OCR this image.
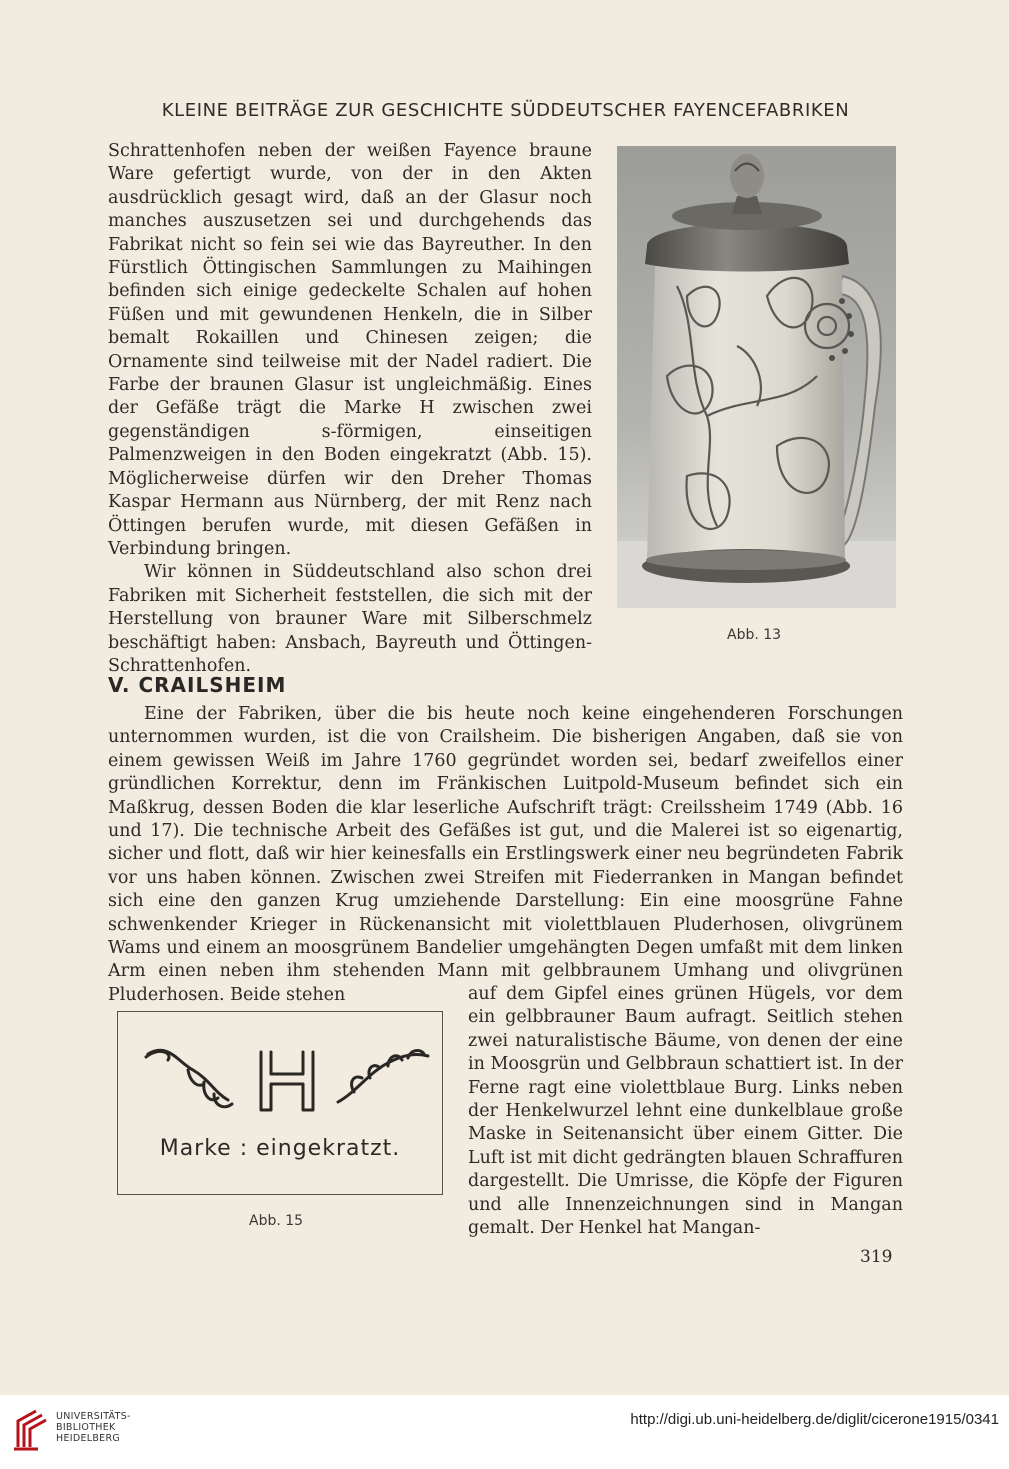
KLEINE BEITRÄGE ZUR GESCHICHTE SÜDDEUTSCHER FAYENCEFABRIKEN

Schrattenhofen neben der weißen Fayence braune Ware gefertigt wurde, von der in den Akten ausdrücklich gesagt wird, daß an der Glasur noch manches auszusetzen sei und durchgehends das Fabrikat nicht so fein sei wie das Bayreuther. In den Fürstlich Öttingischen Sammlungen zu Maihingen befinden sich einige gedeckelte Schalen auf hohen Füßen und mit gewundenen Henkeln, die in Silber bemalt Rokaillen und Chinesen zeigen; die Ornamente sind teilweise mit der Nadel radiert. Die Farbe der braunen Glasur ist ungleichmäßig. Eines der Gefäße trägt die Marke H zwischen zwei gegenständigen s-förmigen, einseitigen Palmenzweigen in den Boden eingekratzt (Abb. 15). Möglicherweise dürfen wir den Dreher Thomas Kaspar Hermann aus Nürnberg, der mit Renz nach Öttingen berufen wurde, mit diesen Gefäßen in Verbindung bringen.

Wir können in Süddeutschland also schon drei Fabriken mit Sicherheit feststellen, die sich mit der Herstellung von brauner Ware mit Silberschmelz beschäftigt haben: Ansbach, Bayreuth und Öttingen-Schrattenhofen.

Abb. 13
V. CRAILSHEIM

Eine der Fabriken, über die bis heute noch keine eingehenderen Forschungen unternommen wurden, ist die von Crailsheim. Die bisherigen Angaben, daß sie von einem gewissen Weiß im Jahre 1760 gegründet worden sei, bedarf zweifellos einer gründlichen Korrektur, denn im Fränkischen Luitpold-Museum befindet sich ein Maßkrug, dessen Boden die klar leserliche Aufschrift trägt: Creilssheim 1749 (Abb. 16 und 17). Die technische Arbeit des Gefäßes ist gut, und die Malerei ist so eigenartig, sicher und flott, daß wir hier keinesfalls ein Erstlingswerk einer neu begründeten Fabrik vor uns haben können. Zwischen zwei Streifen mit Fiederranken in Mangan befindet sich eine den ganzen Krug umziehende Darstellung: Ein eine moosgrüne Fahne schwenkender Krieger in Rückenansicht mit violettblauen Pluderhosen, olivgrünem Wams und einem an moosgrünem Bandelier umgehängten Degen umfaßt mit dem linken Arm einen neben ihm stehenden Mann mit gelbbraunem Umhang und olivgrünen Pluderhosen. Beide stehen	auf dem Gipfel eines grünen Hügels, vor dem ein gelbbrauner Baum aufragt. Seitlich stehen zwei naturalistische Bäume, von denen der eine in Moosgrün und Gelbbraun schattiert ist. In der Ferne ragt eine violettblaue Burg. Links neben der Henkelwurzel lehnt eine dunkelblaue große Maske in Seitenansicht über einem Gitter. Die Luft ist mit dicht gedrängten blauen Schraffuren dargestellt. Die Umrisse, die Köpfe der Figuren und alle Innenzeichnungen sind in Mangan gemalt. Der Henkel hat Mangan-

Marke : eingekratzt.
Abb. 15
319
UNIVERSITÄTS-
BIBLIOTHEK
HEIDELBERG
http://digi.ub.uni-heidelberg.de/diglit/cicerone1915/0341
